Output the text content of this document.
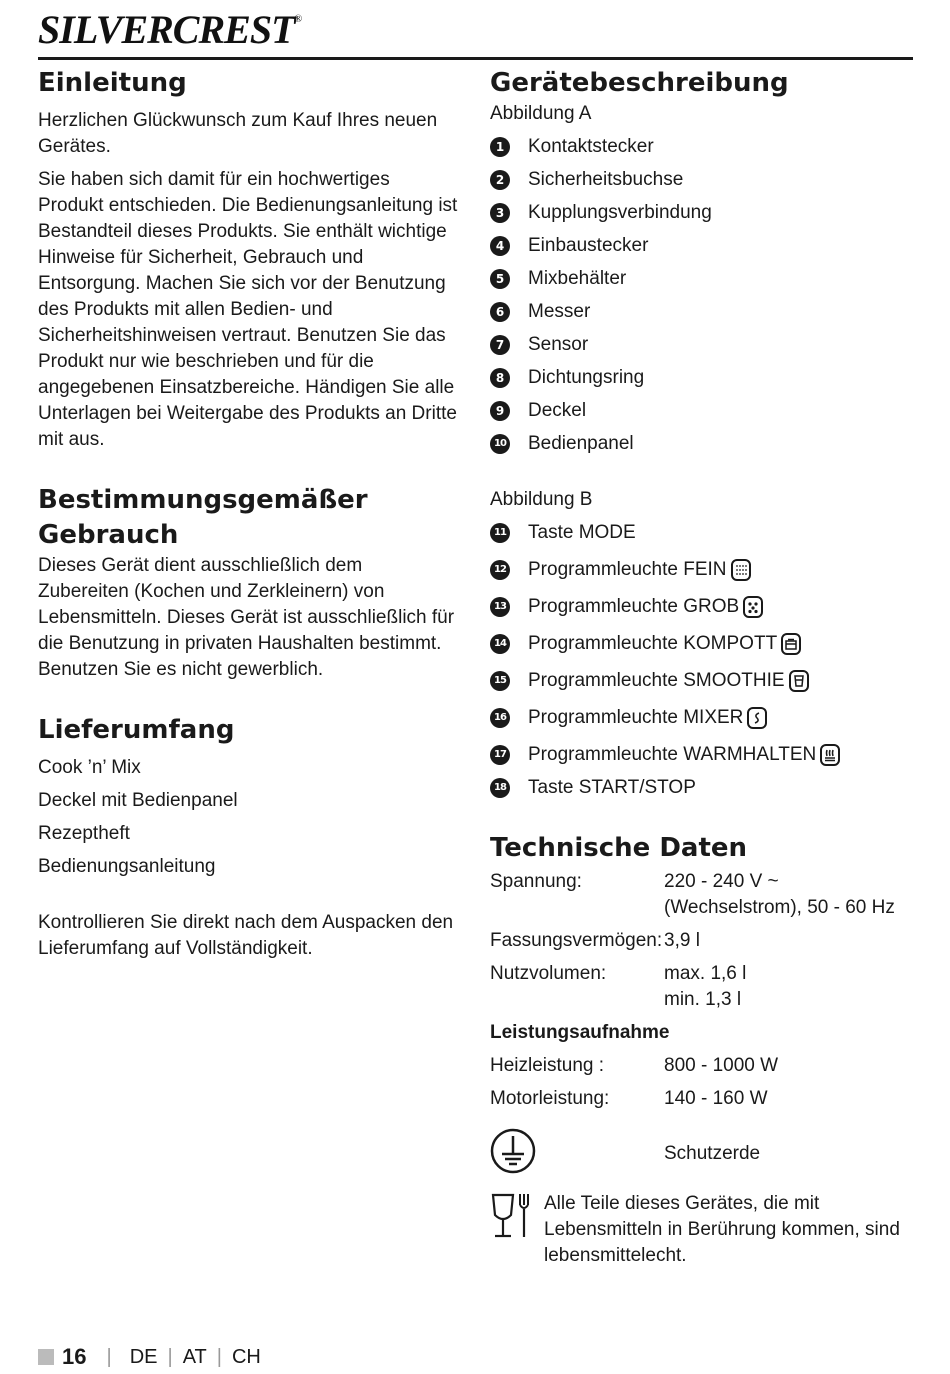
SILVERCREST®
Einleitung

Herzlichen Glückwunsch zum Kauf Ihres neuen Gerätes.

Sie haben sich damit für ein hochwertiges Produkt entschieden. Die Bedienungsanleitung ist Bestandteil dieses Produkts. Sie enthält wichtige Hinweise für Sicherheit, Gebrauch und Entsorgung. Machen Sie sich vor der Benutzung des Produkts mit allen Bedien- und Sicherheitshinweisen vertraut. Benutzen Sie das Produkt nur wie beschrieben und für die angegebenen Einsatzbereiche. Händigen Sie alle Unterlagen bei Weitergabe des Produkts an Dritte mit aus.

Bestimmungsgemäßer
Gebrauch

Dieses Gerät dient ausschließlich dem Zubereiten (Kochen und Zerkleinern) von Lebensmitteln. Dieses Gerät ist ausschließlich für die Benutzung in privaten Haushalten bestimmt. Benutzen Sie es nicht gewerblich.

Lieferumfang

Cook ’n’ Mix

Deckel mit Bedienpanel

Rezeptheft

Bedienungsanleitung

Kontrollieren Sie direkt nach dem Auspacken den Lieferumfang auf Vollständigkeit.

Gerätebeschreibung

Abbildung A

1	Kontaktstecker
2	Sicherheitsbuchse
3	Kupplungsverbindung
4	Einbaustecker
5	Mixbehälter
6	Messer
7	Sensor
8	Dichtungsring
9	Deckel
10 Bedienpanel

Abbildung B

11 Taste MODE
12 Programmleuchte FEIN
13 Programmleuchte GROB
14 Programmleuchte KOMPOTT
15 Programmleuchte SMOOTHIE
16 Programmleuchte MIXER
17 Programmleuchte WARMHALTEN
18 Taste START/STOP
Technische Daten
Spannung:	220 - 240 V ~
(Wechselstrom), 50 - 60 Hz
Fassungsvermögen: 3,9 l
Nutzvolumen:	max. 1,6 l
min. 1,3 l
Leistungsaufnahme
Heizleistung :	800 - 1000 W
Motorleistung:	140 - 160 W
Schutzerde
Alle Teile dieses Gerätes, die mit Lebensmitteln in Berührung kommen, sind lebensmittelecht.
16 | DE | AT | CH
